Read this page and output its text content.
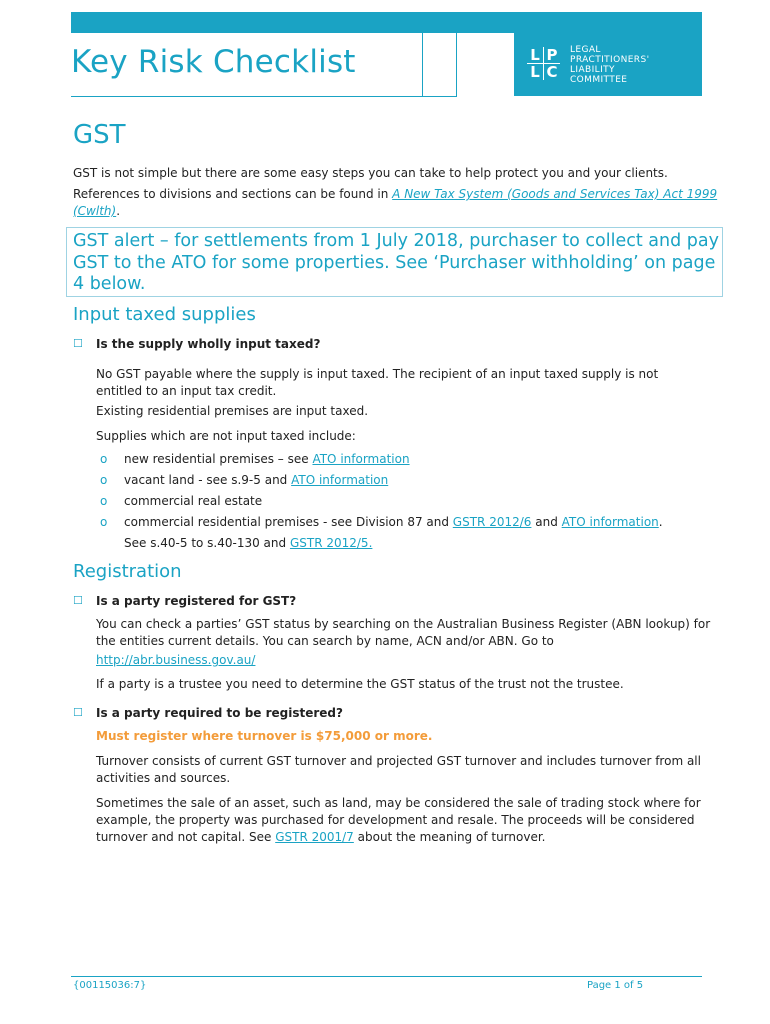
Key Risk Checklist	L P
L C
LEGAL
PRACTITIONERS'
LIABILITY
COMMITTEE
GST
GST is not simple but there are some easy steps you can take to help protect you and your clients.
References to divisions and sections can be found in A New Tax System (Goods and Services Tax) Act 1999 (Cwlth).
GST alert – for settlements from 1 July 2018, purchaser to collect and pay GST to the ATO for some properties. See ‘Purchaser withholding’ on page 4 below.
Input taxed supplies
☐ Is the supply wholly input taxed?
No GST payable where the supply is input taxed. The recipient of an input taxed supply is not entitled to an input tax credit.
Existing residential premises are input taxed.
Supplies which are not input taxed include:
o new residential premises – see ATO information
o vacant land - see s.9-5 and ATO information
o commercial real estate
o commercial residential premises - see Division 87 and GSTR 2012/6 and ATO information.
See s.40-5 to s.40-130 and GSTR 2012/5.
Registration
☐ Is a party registered for GST?
You can check a parties’ GST status by searching on the Australian Business Register (ABN lookup) for the entities current details. You can search by name, ACN and/or ABN. Go to
http://abr.business.gov.au/
If a party is a trustee you need to determine the GST status of the trust not the trustee.
☐ Is a party required to be registered?
Must register where turnover is $75,000 or more.
Turnover consists of current GST turnover and projected GST turnover and includes turnover from all activities and sources.
Sometimes the sale of an asset, such as land, may be considered the sale of trading stock where for example, the property was purchased for development and resale. The proceeds will be considered turnover and not capital. See GSTR 2001/7 about the meaning of turnover.
{00115036:7}	Page 1 of 5
